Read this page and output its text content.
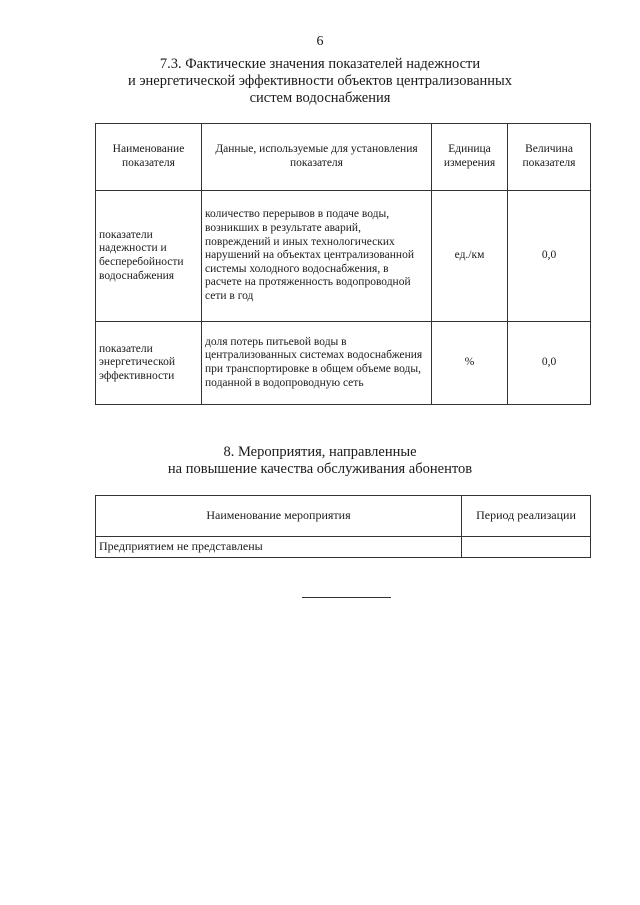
6
7.3. Фактические значения показателей надежности
и энергетической эффективности объектов централизованных
систем водоснабжения
Наименование показателя	Данные, используемые для установления показателя	Единица измерения	Величина показателя
показатели надежности и бесперебойности водоснабжения	количество перерывов в подаче воды, возникших в результате аварий, повреждений и иных технологических нарушений на объектах централизованной системы холодного водоснабжения, в расчете на протяженность водопроводной сети в год	ед./км	0,0
показатели энергетической эффективности	доля потерь питьевой воды в централизованных системах водоснабжения при транспортировке в общем объеме воды, поданной в водопроводную сеть	%	0,0
8. Мероприятия, направленные
на повышение качества обслуживания абонентов
Наименование мероприятия	Период реализации
Предприятием не представлены	
